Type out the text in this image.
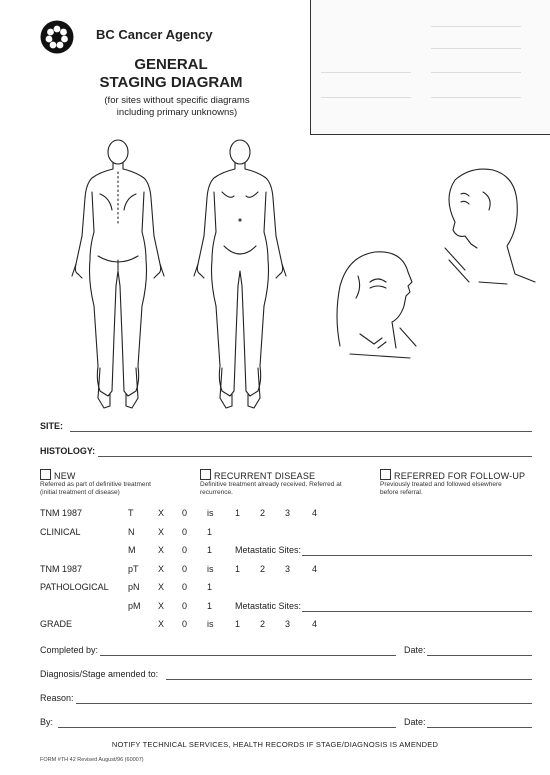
BC Cancer Agency
GENERAL
STAGING DIAGRAM
(for sites without specific diagrams
including primary unknowns)
SITE:
HISTOLOGY:
NEW
Referred as part of definitive treatment
(initial treatment of disease)
RECURRENT DISEASE
Definitive treatment already received. Referred at
recurrence.
REFERRED FOR FOLLOW-UP
Previously treated and followed elsewhere
before referral.
TNM 1987	T	X 0 is 1 2 3 4
CLINICAL	N	X 0 1
M	X 0 1	Metastatic Sites:
TNM 1987	pT X 0 is 1 2 3 4
PATHOLOGICAL pN X 0 1
pM X 0 1	Metastatic Sites:
GRADE	X 0 is 1 2 3 4
Completed by:	Date:
Diagnosis/Stage amended to:
Reason:
By:	Date:
NOTIFY TECHNICAL SERVICES, HEALTH RECORDS IF STAGE/DIAGNOSIS IS AMENDED
FORM #TH 42 Revised August/96 (60007)
